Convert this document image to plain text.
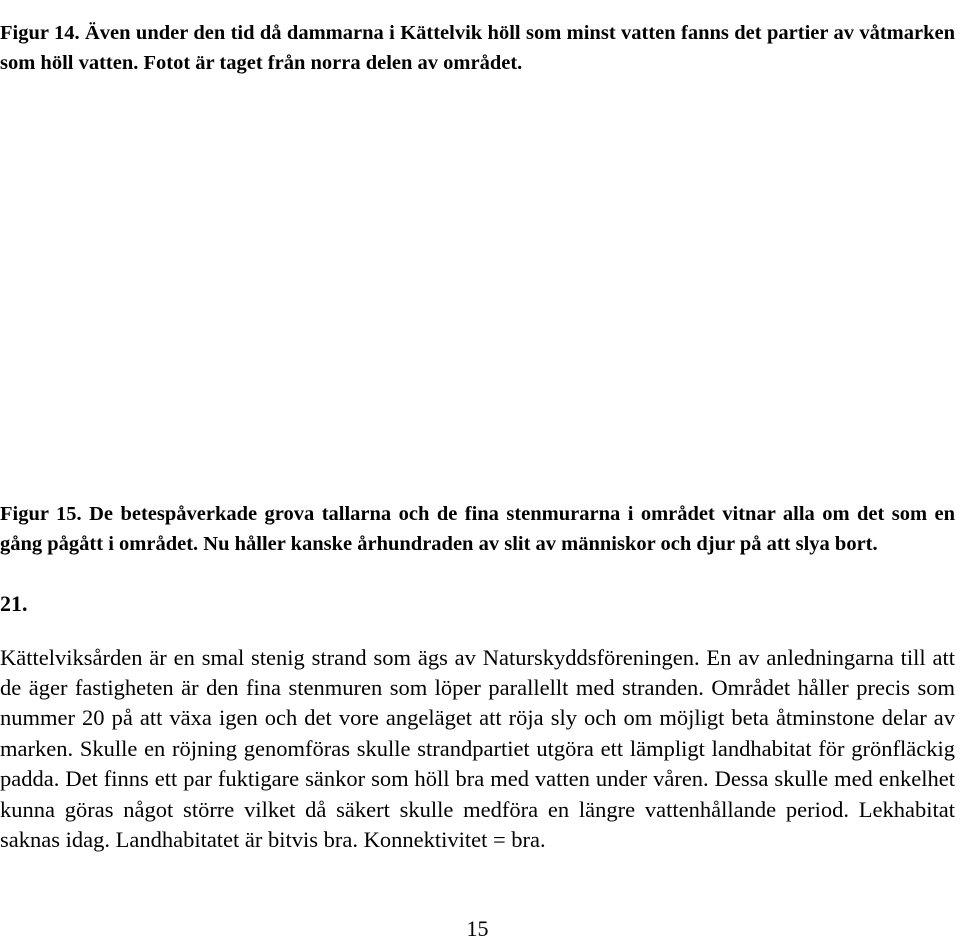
Figur 14. Även under den tid då dammarna i Kättelvik höll som minst vatten fanns det partier av våtmarken som höll vatten. Fotot är taget från norra delen av området.

Figur 15. De betespåverkade grova tallarna och de fina stenmurarna i området vitnar alla om det som en gång pågått i området. Nu håller kanske århundraden av slit av människor och djur på att slya bort.

21.

Kättelviksården är en smal stenig strand som ägs av Naturskyddsföreningen. En av anledningarna till att de äger fastigheten är den fina stenmuren som löper parallellt med stranden. Området håller precis som nummer 20 på att växa igen och det vore angeläget att röja sly och om möjligt beta åtminstone delar av marken. Skulle en röjning genomföras skulle strandpartiet utgöra ett lämpligt landhabitat för grönfläckig padda. Det finns ett par fuktigare sänkor som höll bra med vatten under våren. Dessa skulle med enkelhet kunna göras något större vilket då säkert skulle medföra en längre vattenhållande period. Lekhabitat saknas idag. Landhabitatet är bitvis bra. Konnektivitet = bra.

15
